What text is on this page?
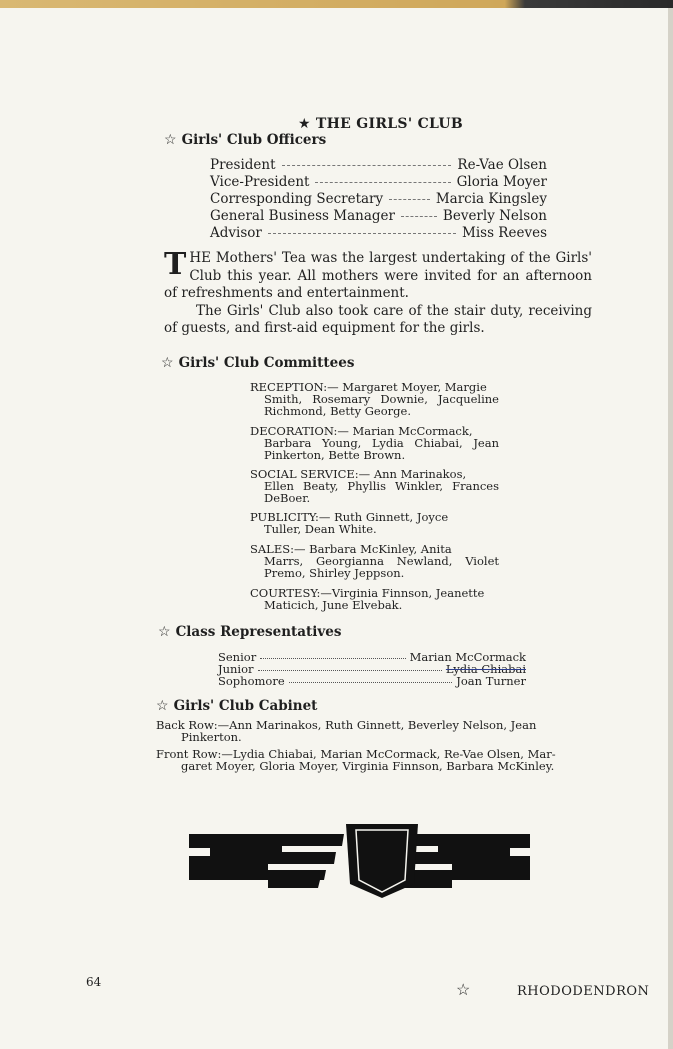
★ THE GIRLS' CLUB
☆ Girls' Club Officers
President	Re-Vae Olsen
Vice-President	Gloria Moyer
Corresponding Secretary	Marcia Kingsley
General Business Manager	Beverly Nelson
Advisor	Miss Reeves
THE Mothers' Tea was the largest undertaking of the Girls' Club this year. All mothers were invited for an afternoon of refreshments and entertainment.

The Girls' Club also took care of the stair duty, receiving of guests, and first-aid equipment for the girls.

☆ Girls' Club Committees
RECEPTION:— Margaret Moyer, Margie
Smith, Rosemary Downie, Jacqueline Richmond, Betty George.
DECORATION:— Marian McCormack,
Barbara Young, Lydia Chiabai, Jean Pinkerton, Bette Brown.
SOCIAL SERVICE:— Ann Marinakos,
Ellen Beaty, Phyllis Winkler, Frances DeBoer.
PUBLICITY:— Ruth Ginnett, Joyce
Tuller, Dean White.
SALES:— Barbara McKinley, Anita
Marrs, Georgianna Newland, Violet Premo, Shirley Jeppson.
COURTESY:—Virginia Finnson, Jeanette
Maticich, June Elvebak.
☆ Class Representatives
Senior	Marian McCormack
Junior	Lydia Chiabai
Sophomore	Joan Turner
☆ Girls' Club Cabinet
Back Row:—Ann Marinakos, Ruth Ginnett, Beverley Nelson, Jean
Pinkerton.
Front Row:—Lydia Chiabai, Marian McCormack, Re-Vae Olsen, Mar-
garet Moyer, Gloria Moyer, Virginia Finnson, Barbara McKinley.
64	☆	RHODODENDRON
